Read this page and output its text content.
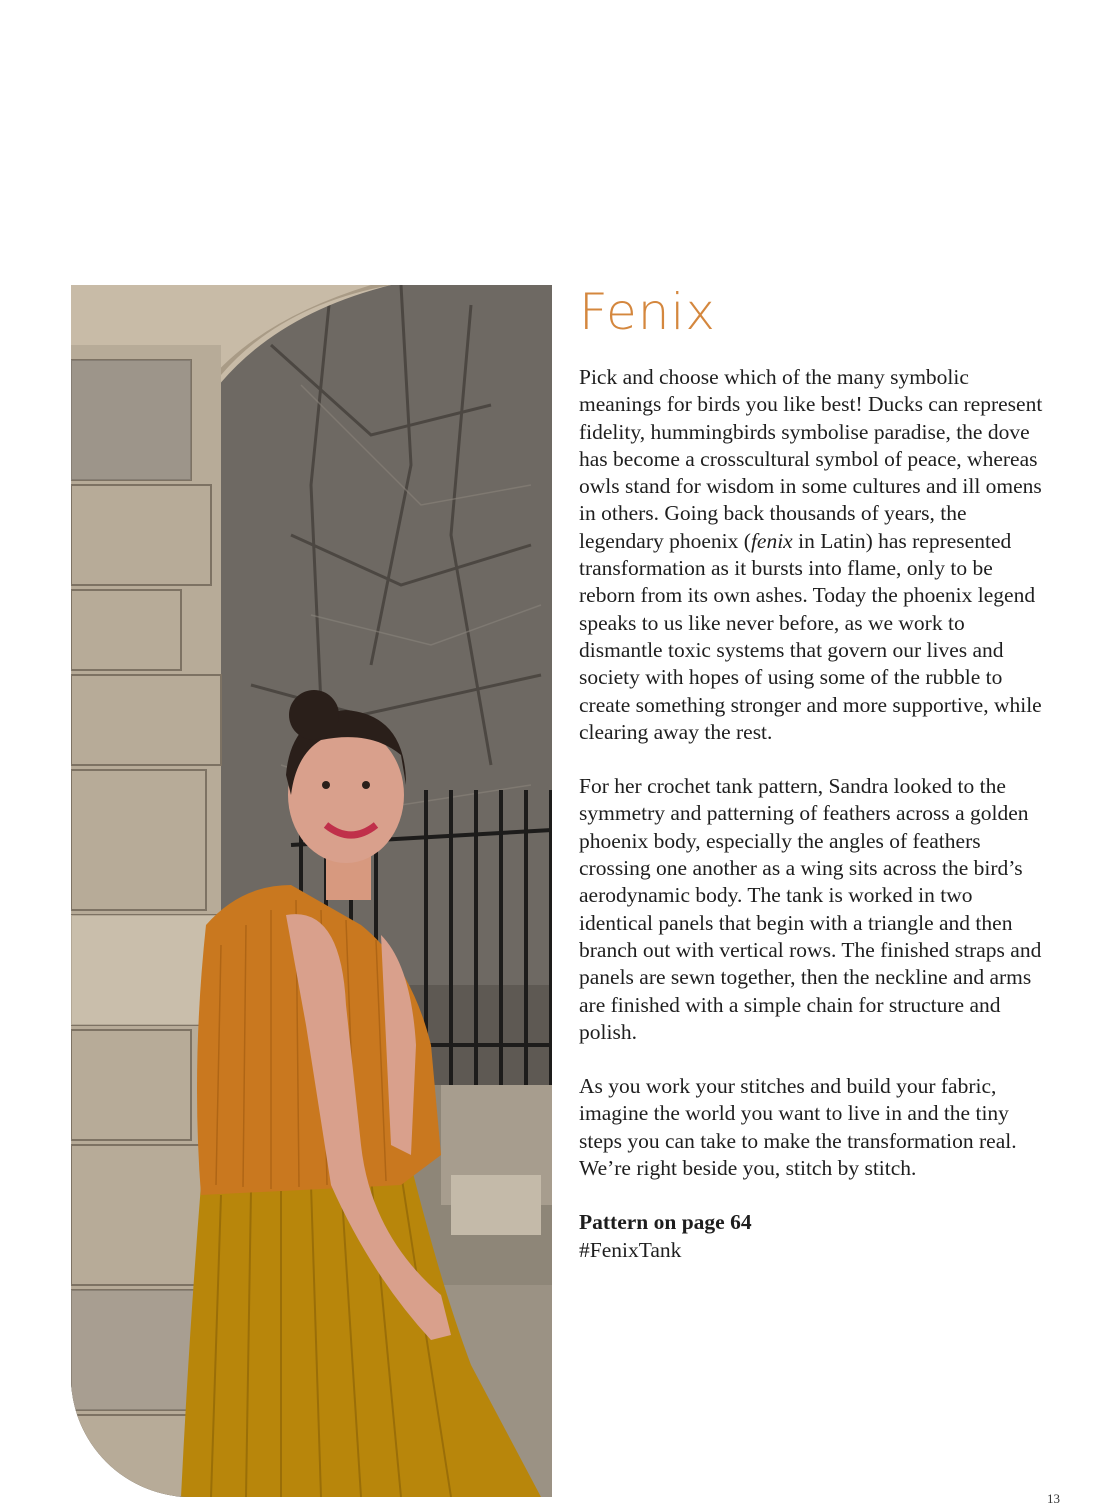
Fenix

Pick and choose which of the many symbolic meanings for birds you like best! Ducks can represent fidelity, hummingbirds symbolise paradise, the dove has become a crosscultural symbol of peace, whereas owls stand for wisdom in some cultures and ill omens in others. Going back thousands of years, the legendary phoenix (fenix in Latin) has represented transformation as it bursts into flame, only to be reborn from its own ashes. Today the phoenix legend speaks to us like never before, as we work to dismantle toxic systems that govern our lives and society with hopes of using some of the rubble to create something stronger and more supportive, while clearing away the rest.

For her crochet tank pattern, Sandra looked to the symmetry and patterning of feathers across a golden phoenix body, especially the angles of feathers crossing one another as a wing sits across the bird’s aerodynamic body. The tank is worked in two identical panels that begin with a triangle and then branch out with vertical rows. The finished straps and panels are sewn together, then the neckline and arms are finished with a simple chain for structure and polish.

As you work your stitches and build your fabric, imagine the world you want to live in and the tiny steps you can take to make the transformation real. We’re right beside you, stitch by stitch.

Pattern on page 64

#FenixTank

13
